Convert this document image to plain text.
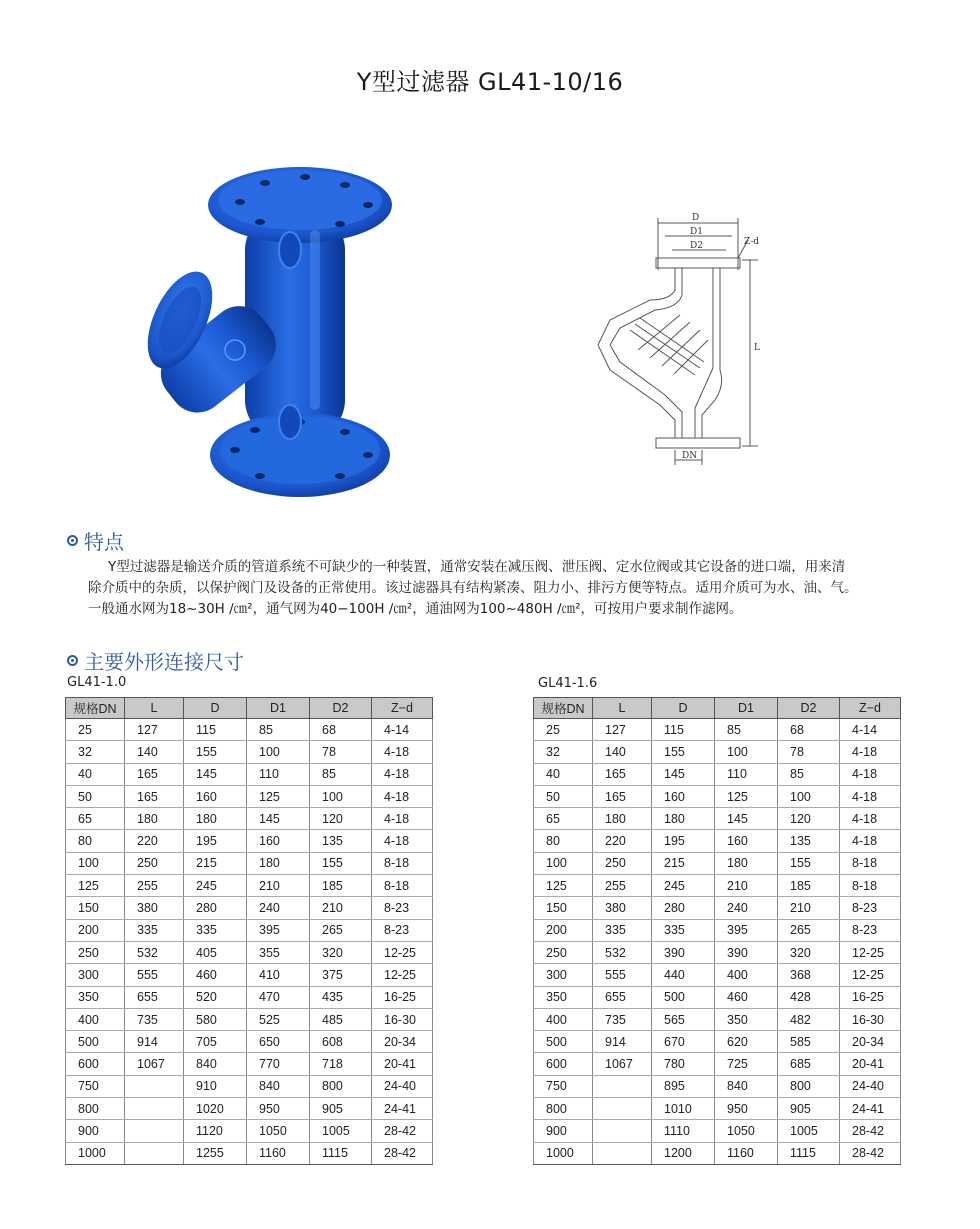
Y型过滤器 GL41-10/16
D
D1
D2	Z-d
L
DN
特点

Y型过滤器是输送介质的管道系统不可缺少的一种装置，通常安装在减压阀、泄压阀、定水位阀或其它设备的进口端，用来清

除介质中的杂质，以保护阀门及设备的正常使用。该过滤器具有结构紧凑、阻力小、排污方便等特点。适用介质可为水、油、气。

一般通水网为18~30H ∕㎝²，通气网为40−100H ∕㎝²，通油网为100~480H ∕㎝²，可按用户要求制作滤网。

主要外形连接尺寸
GL41-1.0	GL41-1.6
规格DN	L	D	D1	D2	Z−d
25	127	115	85	68	4-14
32	140	155	100	78	4-18
40	165	145	110	85	4-18
50	165	160	125	100	4-18
65	180	180	145	120	4-18
80	220	195	160	135	4-18
100	250	215	180	155	8-18
125	255	245	210	185	8-18
150	380	280	240	210	8-23
200	335	335	395	265	8-23
250	532	405	355	320	12-25
300	555	460	410	375	12-25
350	655	520	470	435	16-25
400	735	580	525	485	16-30
500	914	705	650	608	20-34
600	1067	840	770	718	20-41
750		910	840	800	24-40
800		1020	950	905	24-41
900		1120	1050	1005	28-42
1000		1255	1160	1115	28-42
规格DN	L	D	D1	D2	Z−d
25	127	115	85	68	4-14
32	140	155	100	78	4-18
40	165	145	110	85	4-18
50	165	160	125	100	4-18
65	180	180	145	120	4-18
80	220	195	160	135	4-18
100	250	215	180	155	8-18
125	255	245	210	185	8-18
150	380	280	240	210	8-23
200	335	335	395	265	8-23
250	532	390	390	320	12-25
300	555	440	400	368	12-25
350	655	500	460	428	16-25
400	735	565	350	482	16-30
500	914	670	620	585	20-34
600	1067	780	725	685	20-41
750		895	840	800	24-40
800		1010	950	905	24-41
900		1110	1050	1005	28-42
1000		1200	1160	1115	28-42
